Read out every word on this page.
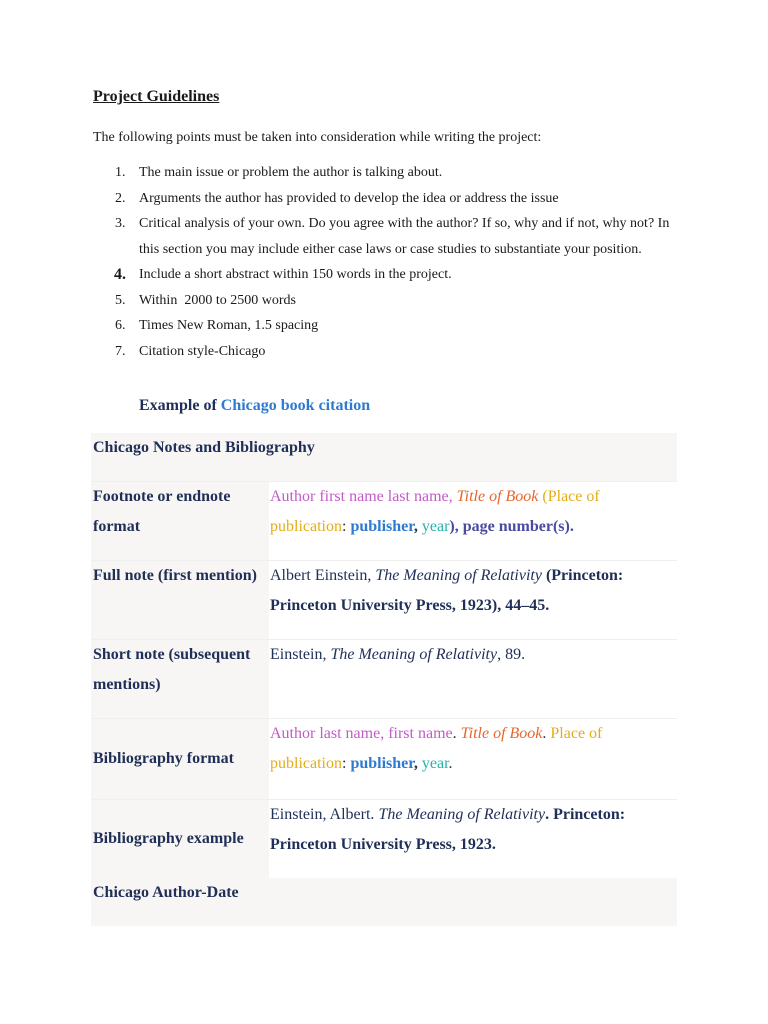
Project Guidelines
The following points must be taken into consideration while writing the project:
1. The main issue or problem the author is talking about.
2. Arguments the author has provided to develop the idea or address the issue
3. Critical analysis of your own. Do you agree with the author? If so, why and if not, why not? In this section you may include either case laws or case studies to substantiate your position.
4. Include a short abstract within 150 words in the project.
5. Within  2000 to 2500 words
6. Times New Roman, 1.5 spacing
7. Citation style-Chicago
Example of Chicago book citation
Chicago Notes and Bibliography	
Footnote or endnote format	Author first name last name, Title of Book (Place of publication: publisher, year), page number(s).
Full note (first mention)	Albert Einstein, The Meaning of Relativity (Princeton: Princeton University Press, 1923), 44–45.
Short note (subsequent mentions)	Einstein, The Meaning of Relativity, 89.
Bibliography format	Author last name, first name. Title of Book. Place of publication: publisher, year.
Bibliography example	Einstein, Albert. The Meaning of Relativity. Princeton: Princeton University Press, 1923.
Chicago Author-Date	
